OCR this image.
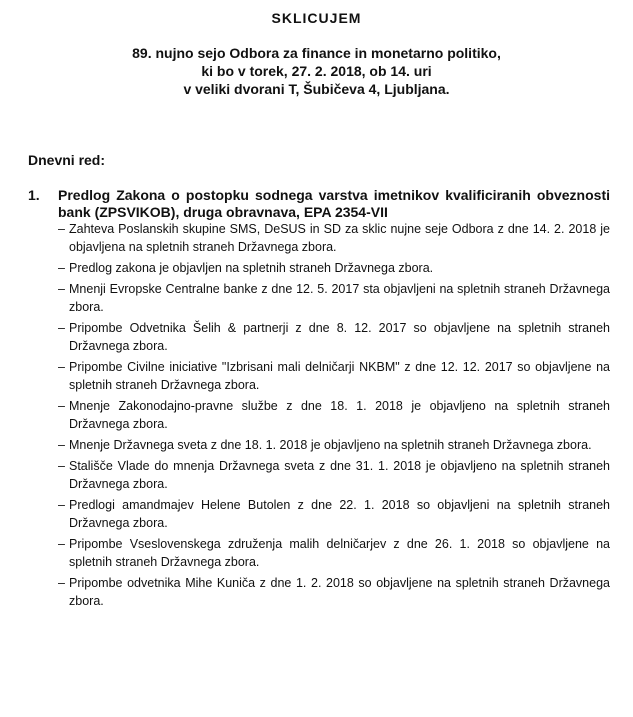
SKLICUJEM
89. nujno sejo Odbora za finance in monetarno politiko,
ki bo v torek, 27. 2. 2018, ob 14. uri
v veliki dvorani T, Šubičeva 4, Ljubljana.
Dnevni red:
1. Predlog Zakona o postopku sodnega varstva imetnikov kvalificiranih obveznosti bank (ZPSVIKOB), druga obravnava, EPA 2354-VII
– Zahteva Poslanskih skupine SMS, DeSUS in SD za sklic nujne seje Odbora z dne 14. 2. 2018 je objavljena na spletnih straneh Državnega zbora.
– Predlog zakona je objavljen na spletnih straneh Državnega zbora.
– Mnenji Evropske Centralne banke z dne 12. 5. 2017 sta objavljeni na spletnih straneh Državnega zbora.
– Pripombe Odvetnika Šelih & partnerji z dne 8. 12. 2017 so objavljene na spletnih straneh Državnega zbora.
– Pripombe Civilne iniciative "Izbrisani mali delničarji NKBM" z dne 12. 12. 2017 so objavljene na spletnih straneh Državnega zbora.
– Mnenje Zakonodajno-pravne službe z dne 18. 1. 2018 je objavljeno na spletnih straneh Državnega zbora.
– Mnenje Državnega sveta z dne 18. 1. 2018 je objavljeno na spletnih straneh Državnega zbora.
– Stališče Vlade do mnenja Državnega sveta z dne 31. 1. 2018 je objavljeno na spletnih straneh Državnega zbora.
– Predlogi amandmajev Helene Butolen z dne 22. 1. 2018 so objavljeni na spletnih straneh Državnega zbora.
– Pripombe Vseslovenskega združenja malih delničarjev z dne 26. 1. 2018 so objavljene na spletnih straneh Državnega zbora.
– Pripombe odvetnika Mihe Kuniča z dne 1. 2. 2018 so objavljene na spletnih straneh Državnega zbora.
